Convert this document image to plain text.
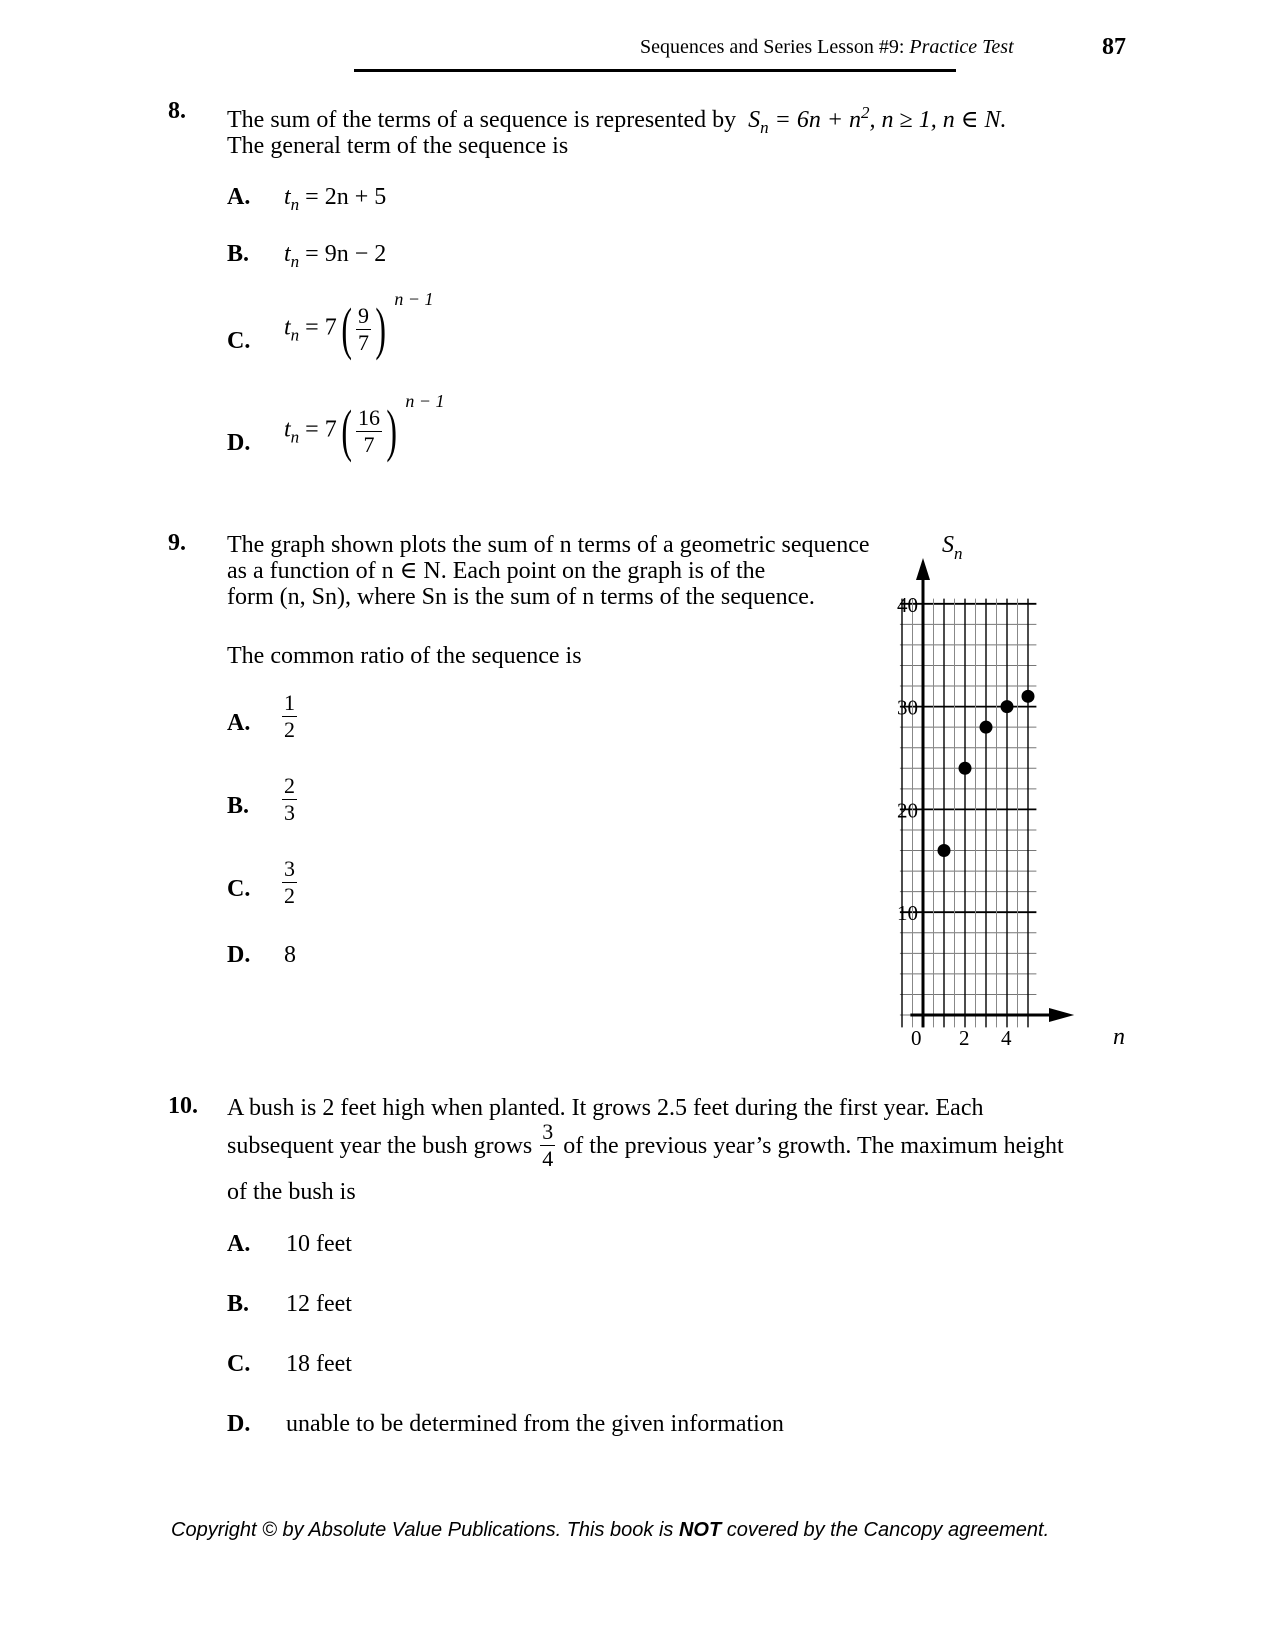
Sequences and Series Lesson #9: Practice Test	87
8. The sum of the terms of a sequence is represented by $S_n = 6n + n^2$, n ≥ 1, n ∈ N.
The general term of the sequence is
A. $t_n = 2n + 5$
B. $t_n = 9n - 2$
C.
$t_n = 7( \frac{9}{7}$ ) $^{n - 1}$
D.
$t_n = 7( \frac{16}{7}$ ) $^{n - 1}$
9. The graph shown plots the sum of n terms of a geometric sequence
as a function of n ∈ N. Each point on the graph is of the
form (n, Sn), where Sn is the sum of n terms of the sequence.
The common ratio of the sequence is
A. $\frac{1}{2}$
B. $\frac{2}{3}$
C. $\frac{3}{2}$
D. 8
10
20
30
40
0 2 4
$S_n$
n
10. A bush is 2 feet high when planted. It grows 2.5 feet during the first year. Each
subsequent year the bush grows $\frac{3}{4}$ of the previous year’s growth. The maximum height
of the bush is
A. 10 feet
B. 12 feet
C. 18 feet
D. unable to be determined from the given information
Copyright © by Absolute Value Publications. This book is NOT covered by the Cancopy agreement.
